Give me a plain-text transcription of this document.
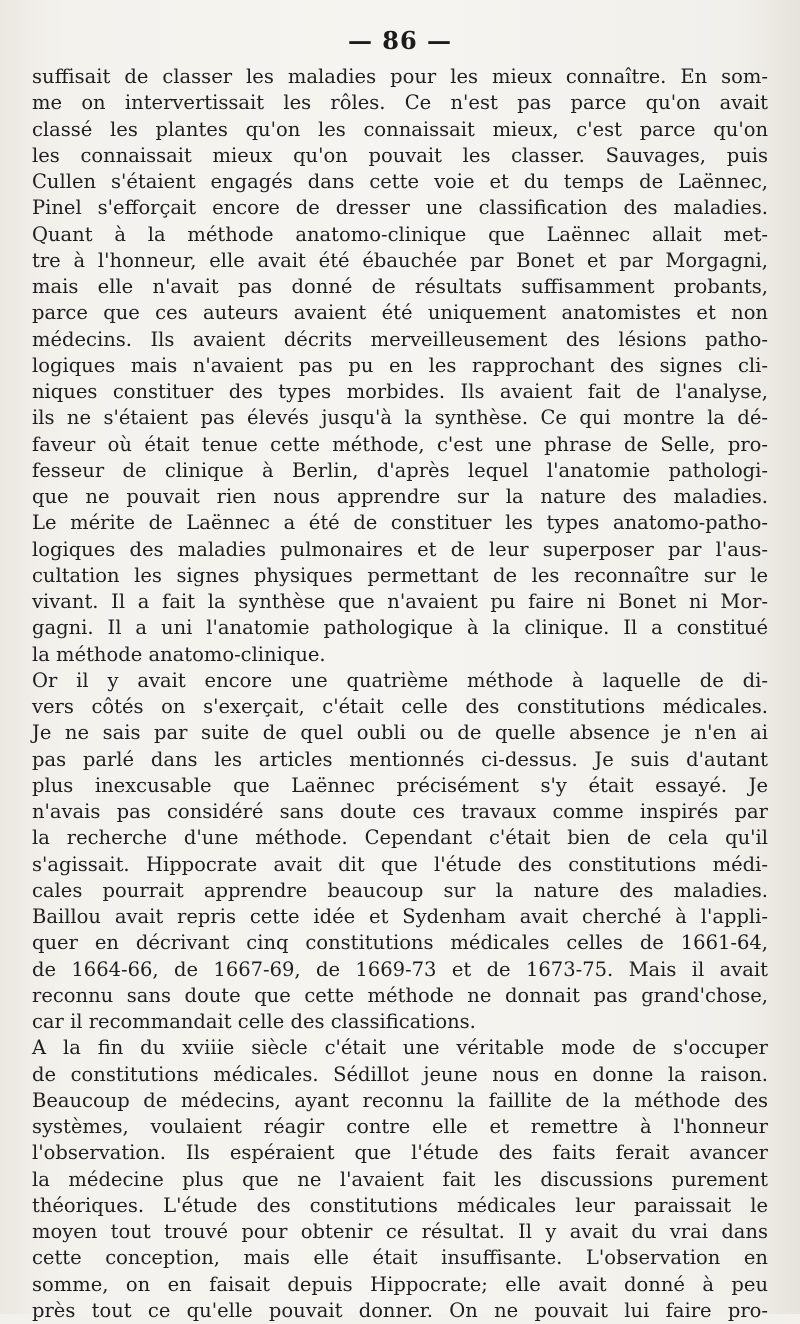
— 86 —
suffisait de classer les maladies pour les mieux connaître. En som-
me on intervertissait les rôles. Ce n'est pas parce qu'on avait
classé les plantes qu'on les connaissait mieux, c'est parce qu'on
les connaissait mieux qu'on pouvait les classer. Sauvages, puis
Cullen s'étaient engagés dans cette voie et du temps de Laënnec,
Pinel s'efforçait encore de dresser une classification des maladies.
Quant à la méthode anatomo-clinique que Laënnec allait met-
tre à l'honneur, elle avait été ébauchée par Bonet et par Morgagni,
mais elle n'avait pas donné de résultats suffisamment probants,
parce que ces auteurs avaient été uniquement anatomistes et non
médecins. Ils avaient décrits merveilleusement des lésions patho-
logiques mais n'avaient pas pu en les rapprochant des signes cli-
niques constituer des types morbides. Ils avaient fait de l'analyse,
ils ne s'étaient pas élevés jusqu'à la synthèse. Ce qui montre la dé-
faveur où était tenue cette méthode, c'est une phrase de Selle, pro-
fesseur de clinique à Berlin, d'après lequel l'anatomie pathologi-
que ne pouvait rien nous apprendre sur la nature des maladies.
Le mérite de Laënnec a été de constituer les types anatomo-patho-
logiques des maladies pulmonaires et de leur superposer par l'aus-
cultation les signes physiques permettant de les reconnaître sur le
vivant. Il a fait la synthèse que n'avaient pu faire ni Bonet ni Mor-
gagni. Il a uni l'anatomie pathologique à la clinique. Il a constitué
la méthode anatomo-clinique.
Or il y avait encore une quatrième méthode à laquelle de di-
vers côtés on s'exerçait, c'était celle des constitutions médicales.
Je ne sais par suite de quel oubli ou de quelle absence je n'en ai
pas parlé dans les articles mentionnés ci-dessus. Je suis d'autant
plus inexcusable que Laënnec précisément s'y était essayé. Je
n'avais pas considéré sans doute ces travaux comme inspirés par
la recherche d'une méthode. Cependant c'était bien de cela qu'il
s'agissait. Hippocrate avait dit que l'étude des constitutions médi-
cales pourrait apprendre beaucoup sur la nature des maladies.
Baillou avait repris cette idée et Sydenham avait cherché à l'appli-
quer en décrivant cinq constitutions médicales celles de 1661-64,
de 1664-66, de 1667-69, de 1669-73 et de 1673-75. Mais il avait
reconnu sans doute que cette méthode ne donnait pas grand'chose,
car il recommandait celle des classifications.
A la fin du xviiie siècle c'était une véritable mode de s'occuper
de constitutions médicales. Sédillot jeune nous en donne la raison.
Beaucoup de médecins, ayant reconnu la faillite de la méthode des
systèmes, voulaient réagir contre elle et remettre à l'honneur
l'observation. Ils espéraient que l'étude des faits ferait avancer
la médecine plus que ne l'avaient fait les discussions purement
théoriques. L'étude des constitutions médicales leur paraissait le
moyen tout trouvé pour obtenir ce résultat. Il y avait du vrai dans
cette conception, mais elle était insuffisante. L'observation en
somme, on en faisait depuis Hippocrate; elle avait donné à peu
près tout ce qu'elle pouvait donner. On ne pouvait lui faire pro-
